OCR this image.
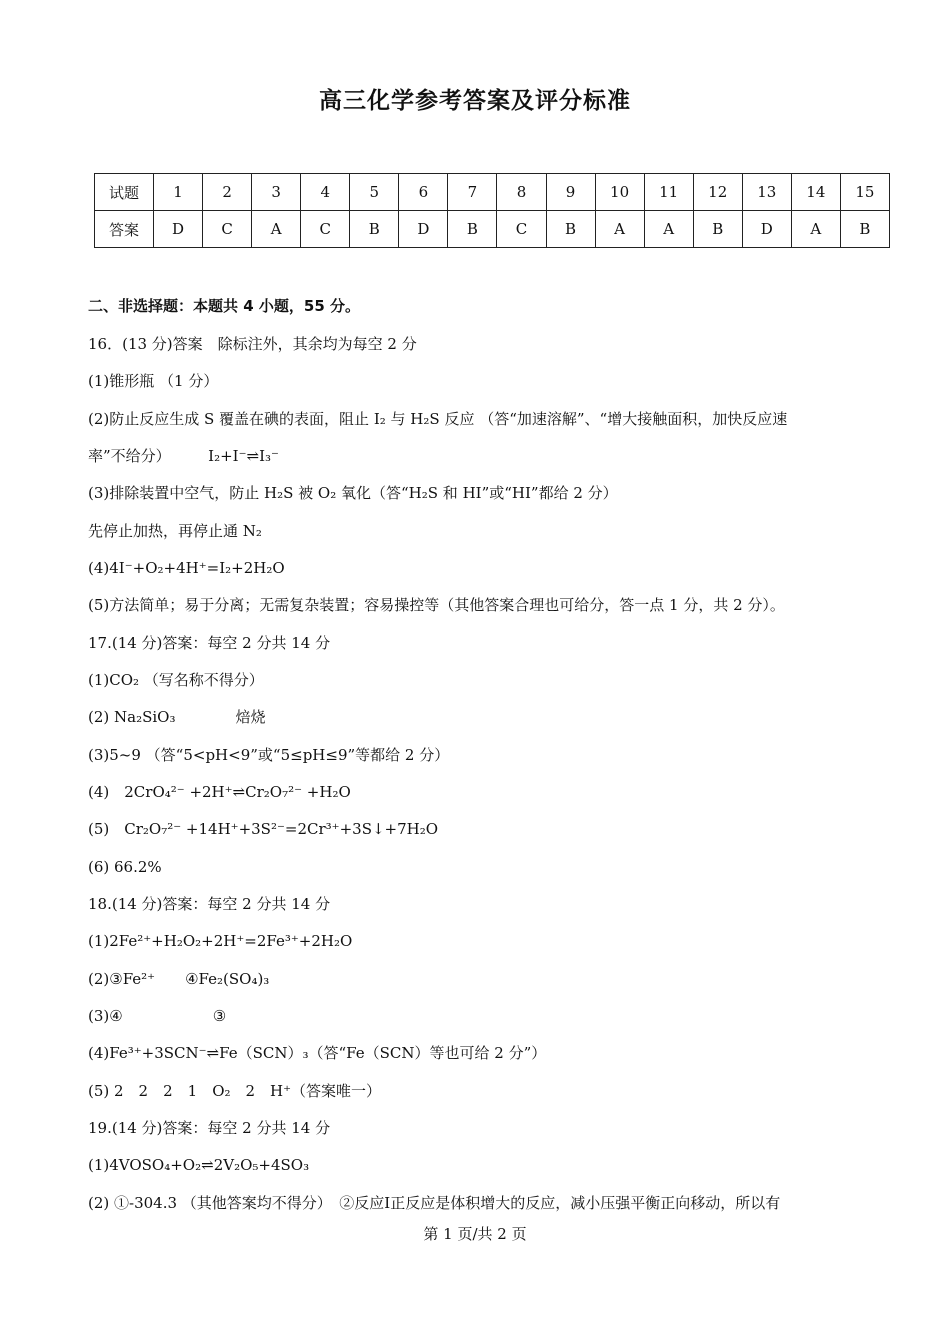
高三化学参考答案及评分标准
试题	1	2	3	4	5	6	7	8	9	10	11	12	13	14	15
答案	D	C	A	C	B	D	B	C	B	A	A	B	D	A	B
二、非选择题：本题共 4 小题，55 分。
16．(13 分)答案　除标注外，其余均为每空 2 分
(1)锥形瓶 （1 分）
(2)防止反应生成 S 覆盖在碘的表面，阻止 I₂ 与 H₂S 反应 （答“加速溶解”、“增大接触面积，加快反应速
率”不给分）　　　I₂+I⁻⇌I₃⁻
(3)排除装置中空气，防止 H₂S 被 O₂ 氧化（答“H₂S 和 HI”或“HI”都给 2 分）
先停止加热，再停止通 N₂
(4)4I⁻+O₂+4H⁺=I₂+2H₂O
(5)方法简单；易于分离；无需复杂装置；容易操控等（其他答案合理也可给分，答一点 1 分，共 2 分）。
17.(14 分)答案：每空 2 分共 14 分
(1)CO₂ （写名称不得分）
(2) Na₂SiO₃　　　　焙烧
(3)5~9 （答“5<pH<9”或“5≤pH≤9”等都给 2 分）
(4)　2CrO₄²⁻ +2H⁺⇌Cr₂O₇²⁻ +H₂O
(5)　Cr₂O₇²⁻ +14H⁺+3S²⁻=2Cr³⁺+3S↓+7H₂O
(6) 66.2%
18.(14 分)答案：每空 2 分共 14 分
(1)2Fe²⁺+H₂O₂+2H⁺=2Fe³⁺+2H₂O
(2)③Fe²⁺　　④Fe₂(SO₄)₃
(3)④　　　　　　③
(4)Fe³⁺+3SCN⁻⇌Fe（SCN）₃（答“Fe（SCN）等也可给 2 分”）
(5) 2　2　2　1　O₂　2　H⁺（答案唯一）
19.(14 分)答案：每空 2 分共 14 分
(1)4VOSO₄+O₂⇌2V₂O₅+4SO₃
(2) ①-304.3 （其他答案均不得分）　②反应Ⅰ正反应是体积增大的反应，减小压强平衡正向移动，所以有
第 1 页/共 2 页
